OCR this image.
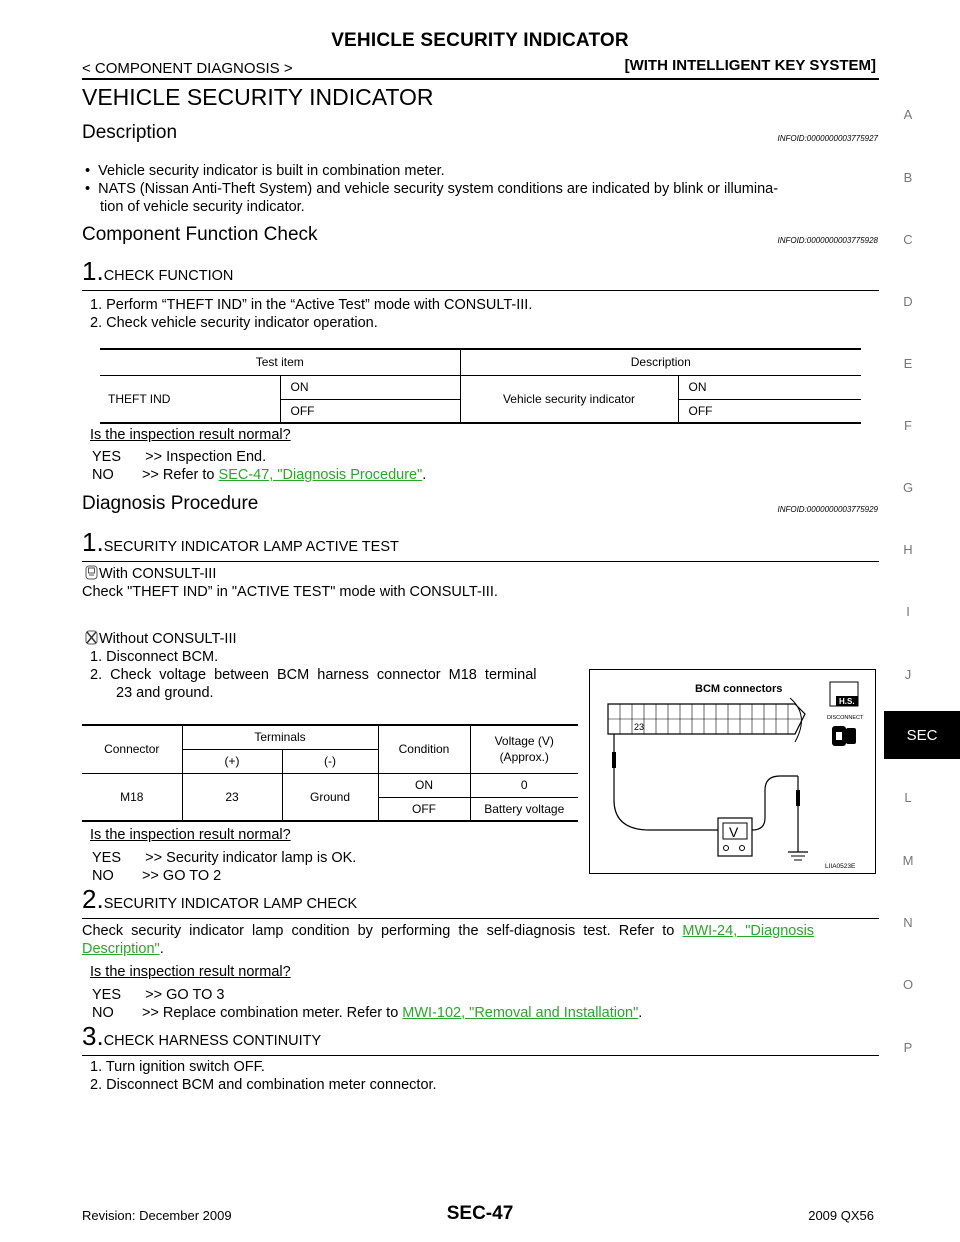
VEHICLE SECURITY INDICATOR
< COMPONENT DIAGNOSIS >	[WITH INTELLIGENT KEY SYSTEM]
VEHICLE SECURITY INDICATOR
Description	INFOID:0000000003775927
•  Vehicle security indicator is built in combination meter.
•  NATS (Nissan Anti-Theft System) and vehicle security system conditions are indicated by blink or illumina-
tion of vehicle security indicator.
Component Function Check	INFOID:0000000003775928
1.CHECK FUNCTION
1. Perform “THEFT IND” in the “Active Test” mode with CONSULT-III.
2. Check vehicle security indicator operation.
Test item		Description	
THEFT IND	ON	Vehicle security indicator	ON
	OFF		OFF
Is the inspection result normal?
YES      >> Inspection End.
NO       >> Refer to SEC-47, "Diagnosis Procedure".
Diagnosis Procedure	INFOID:0000000003775929
1.SECURITY INDICATOR LAMP ACTIVE TEST
With CONSULT-III
Check "THEFT IND” in "ACTIVE TEST" mode with CONSULT-III.
Without CONSULT-III
1. Disconnect BCM.
2.  Check  voltage  between  BCM  harness  connector  M18  terminal
23 and ground.
Connector	Terminals		Condition	Voltage (V)
(Approx.)
	(+)	(-)		
M18	23	Ground	ON	0
			OFF	Battery voltage
Is the inspection result normal?
YES      >> Security indicator lamp is OK.
NO       >> GO TO 2
BCM connectors
23
V
H.S.
DISCONNECT
LIIA0523E
2.SECURITY INDICATOR LAMP CHECK
Check  security  indicator  lamp  condition  by  performing  the  self-diagnosis  test.  Refer  to  MWI-24,  "Diagnosis
Description".
Is the inspection result normal?
YES      >> GO TO 3
NO       >> Replace combination meter. Refer to MWI-102, "Removal and Installation".
3.CHECK HARNESS CONTINUITY
1. Turn ignition switch OFF.
2. Disconnect BCM and combination meter connector.
A
B
C
D
E
F
G
H
I
J
SEC
L
M
N
O
P
Revision: December 2009	SEC-47	2009 QX56
